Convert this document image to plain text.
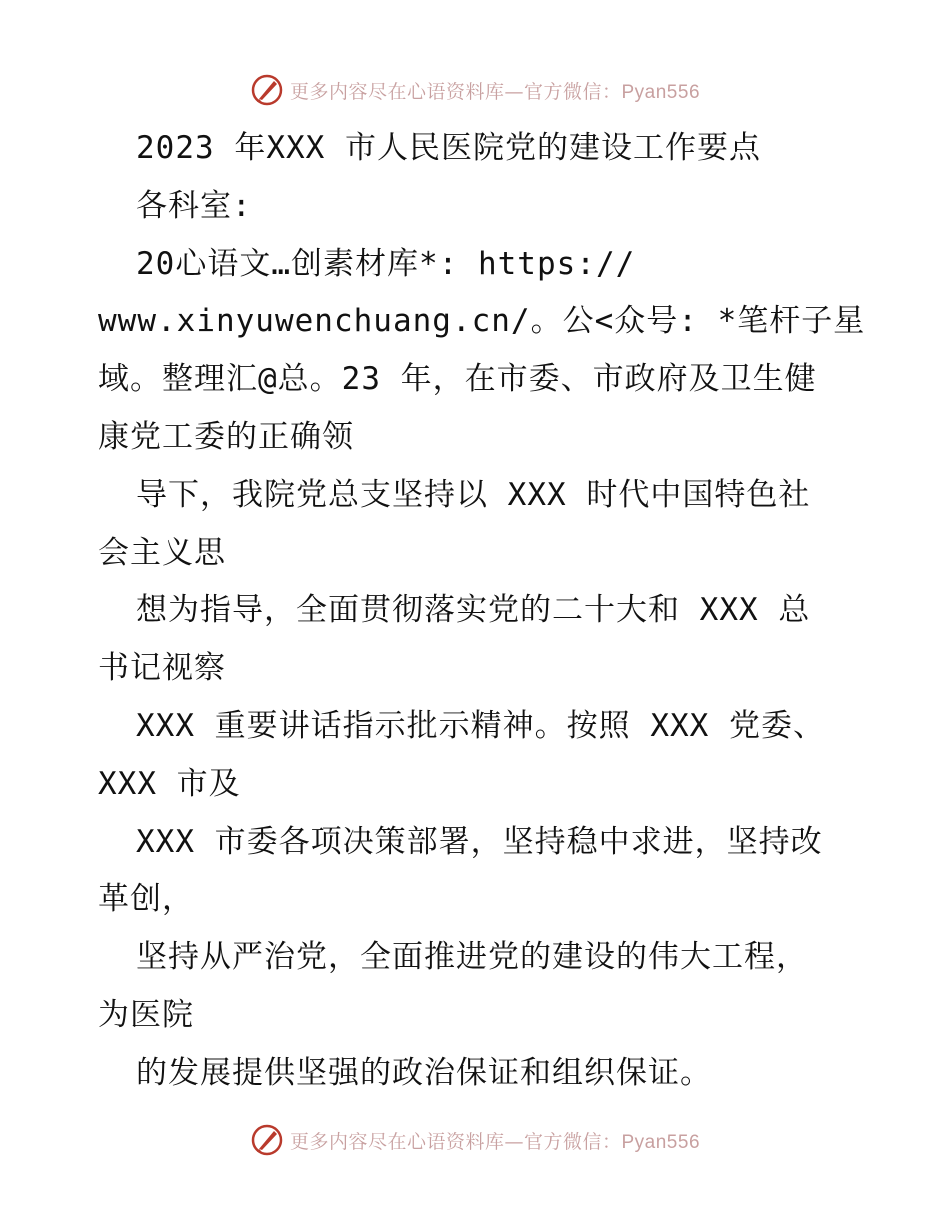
更多内容尽在心语资料库—官方微信：Pyan556
2023 年XXX 市人民医院党的建设工作要点
各科室:
20心语文…创素材库*: https://
www.xinyuwenchuang.cn/。公<众号: *笔杆子星
域。整理汇@总。23 年，在市委、市政府及卫生健
康党工委的正确领
导下，我院党总支坚持以 XXX 时代中国特色社
会主义思
想为指导，全面贯彻落实党的二十大和 XXX 总
书记视察
XXX 重要讲话指示批示精神。按照 XXX 党委、
XXX 市及
XXX 市委各项决策部署，坚持稳中求进，坚持改
革创，
坚持从严治党，全面推进党的建设的伟大工程，
为医院
的发展提供坚强的政治保证和组织保证。
更多内容尽在心语资料库—官方微信：Pyan556
